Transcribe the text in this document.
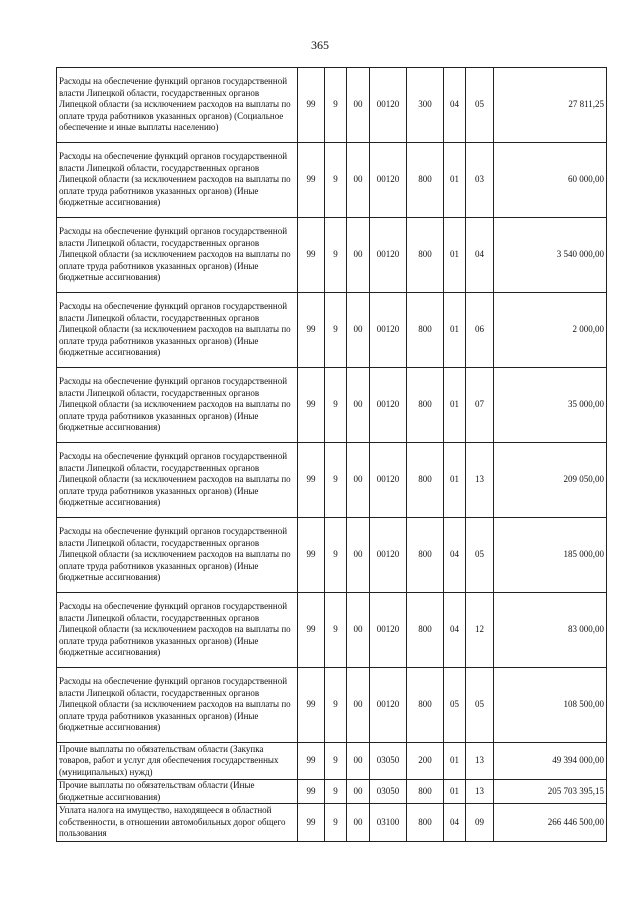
365
Расходы на обеспечение функций органов государственной власти Липецкой области, государственных органов Липецкой области (за исключением расходов на выплаты по оплате труда работников указанных органов) (Социальное обеспечение и иные выплаты населению)	99	9	00	00120	300	04	05	27 811,25
Расходы на обеспечение функций органов государственной власти Липецкой области, государственных органов Липецкой области (за исключением расходов на выплаты по оплате труда работников указанных органов) (Иные бюджетные ассигнования)	99	9	00	00120	800	01	03	60 000,00
Расходы на обеспечение функций органов государственной власти Липецкой области, государственных органов Липецкой области (за исключением расходов на выплаты по оплате труда работников указанных органов) (Иные бюджетные ассигнования)	99	9	00	00120	800	01	04	3 540 000,00
Расходы на обеспечение функций органов государственной власти Липецкой области, государственных органов Липецкой области (за исключением расходов на выплаты по оплате труда работников указанных органов) (Иные бюджетные ассигнования)	99	9	00	00120	800	01	06	2 000,00
Расходы на обеспечение функций органов государственной власти Липецкой области, государственных органов Липецкой области (за исключением расходов на выплаты по оплате труда работников указанных органов) (Иные бюджетные ассигнования)	99	9	00	00120	800	01	07	35 000,00
Расходы на обеспечение функций органов государственной власти Липецкой области, государственных органов Липецкой области (за исключением расходов на выплаты по оплате труда работников указанных органов) (Иные бюджетные ассигнования)	99	9	00	00120	800	01	13	209 050,00
Расходы на обеспечение функций органов государственной власти Липецкой области, государственных органов Липецкой области (за исключением расходов на выплаты по оплате труда работников указанных органов) (Иные бюджетные ассигнования)	99	9	00	00120	800	04	05	185 000,00
Расходы на обеспечение функций органов государственной власти Липецкой области, государственных органов Липецкой области (за исключением расходов на выплаты по оплате труда работников указанных органов) (Иные бюджетные ассигнования)	99	9	00	00120	800	04	12	83 000,00
Расходы на обеспечение функций органов государственной власти Липецкой области, государственных органов Липецкой области (за исключением расходов на выплаты по оплате труда работников указанных органов) (Иные бюджетные ассигнования)	99	9	00	00120	800	05	05	108 500,00
Прочие выплаты по обязательствам области (Закупка товаров, работ и услуг для обеспечения государственных (муниципальных) нужд)	99	9	00	03050	200	01	13	49 394 000,00
Прочие выплаты по обязательствам области (Иные бюджетные ассигнования)	99	9	00	03050	800	01	13	205 703 395,15
Уплата налога на имущество, находящееся в областной собственности, в отношении автомобильных дорог общего пользования	99	9	00	03100	800	04	09	266 446 500,00
